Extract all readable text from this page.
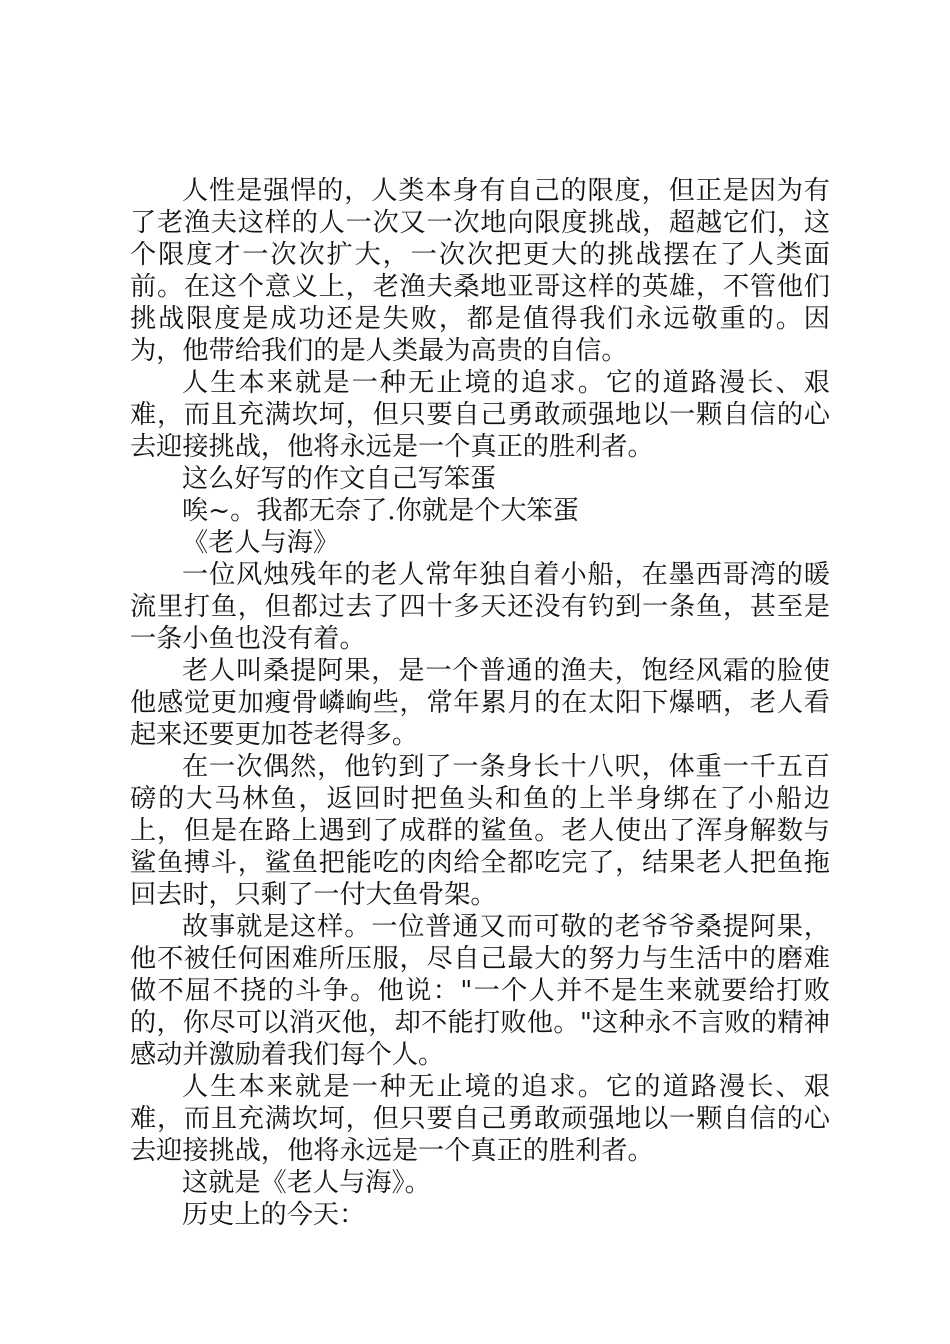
人性是强悍的，人类本身有自己的限度，但正是因为有了老渔夫这样的人一次又一次地向限度挑战，超越它们，这个限度才一次次扩大，一次次把更大的挑战摆在了人类面前。在这个意义上，老渔夫桑地亚哥这样的英雄，不管他们挑战限度是成功还是失败，都是值得我们永远敬重的。因为，他带给我们的是人类最为高贵的自信。

人生本来就是一种无止境的追求。它的道路漫长、艰难，而且充满坎坷，但只要自己勇敢顽强地以一颗自信的心去迎接挑战，他将永远是一个真正的胜利者。

这么好写的作文自己写笨蛋

唉~。我都无奈了.你就是个大笨蛋

《老人与海》

一位风烛残年的老人常年独自着小船，在墨西哥湾的暖流里打鱼，但都过去了四十多天还没有钓到一条鱼，甚至是一条小鱼也没有着。

老人叫桑提阿果，是一个普通的渔夫，饱经风霜的脸使他感觉更加瘦骨嶙峋些，常年累月的在太阳下爆晒，老人看起来还要更加苍老得多。

在一次偶然，他钓到了一条身长十八呎，体重一千五百磅的大马林鱼，返回时把鱼头和鱼的上半身绑在了小船边上，但是在路上遇到了成群的鲨鱼。老人使出了浑身解数与鲨鱼搏斗，鲨鱼把能吃的肉给全都吃完了，结果老人把鱼拖回去时，只剩了一付大鱼骨架。

故事就是这样。一位普通又而可敬的老爷爷桑提阿果，他不被任何困难所压服，尽自己最大的努力与生活中的磨难做不屈不挠的斗争。他说："一个人并不是生来就要给打败的，你尽可以消灭他，却不能打败他。"这种永不言败的精神感动并激励着我们每个人。

人生本来就是一种无止境的追求。它的道路漫长、艰难，而且充满坎坷，但只要自己勇敢顽强地以一颗自信的心去迎接挑战，他将永远是一个真正的胜利者。

这就是《老人与海》。

历史上的今天：
